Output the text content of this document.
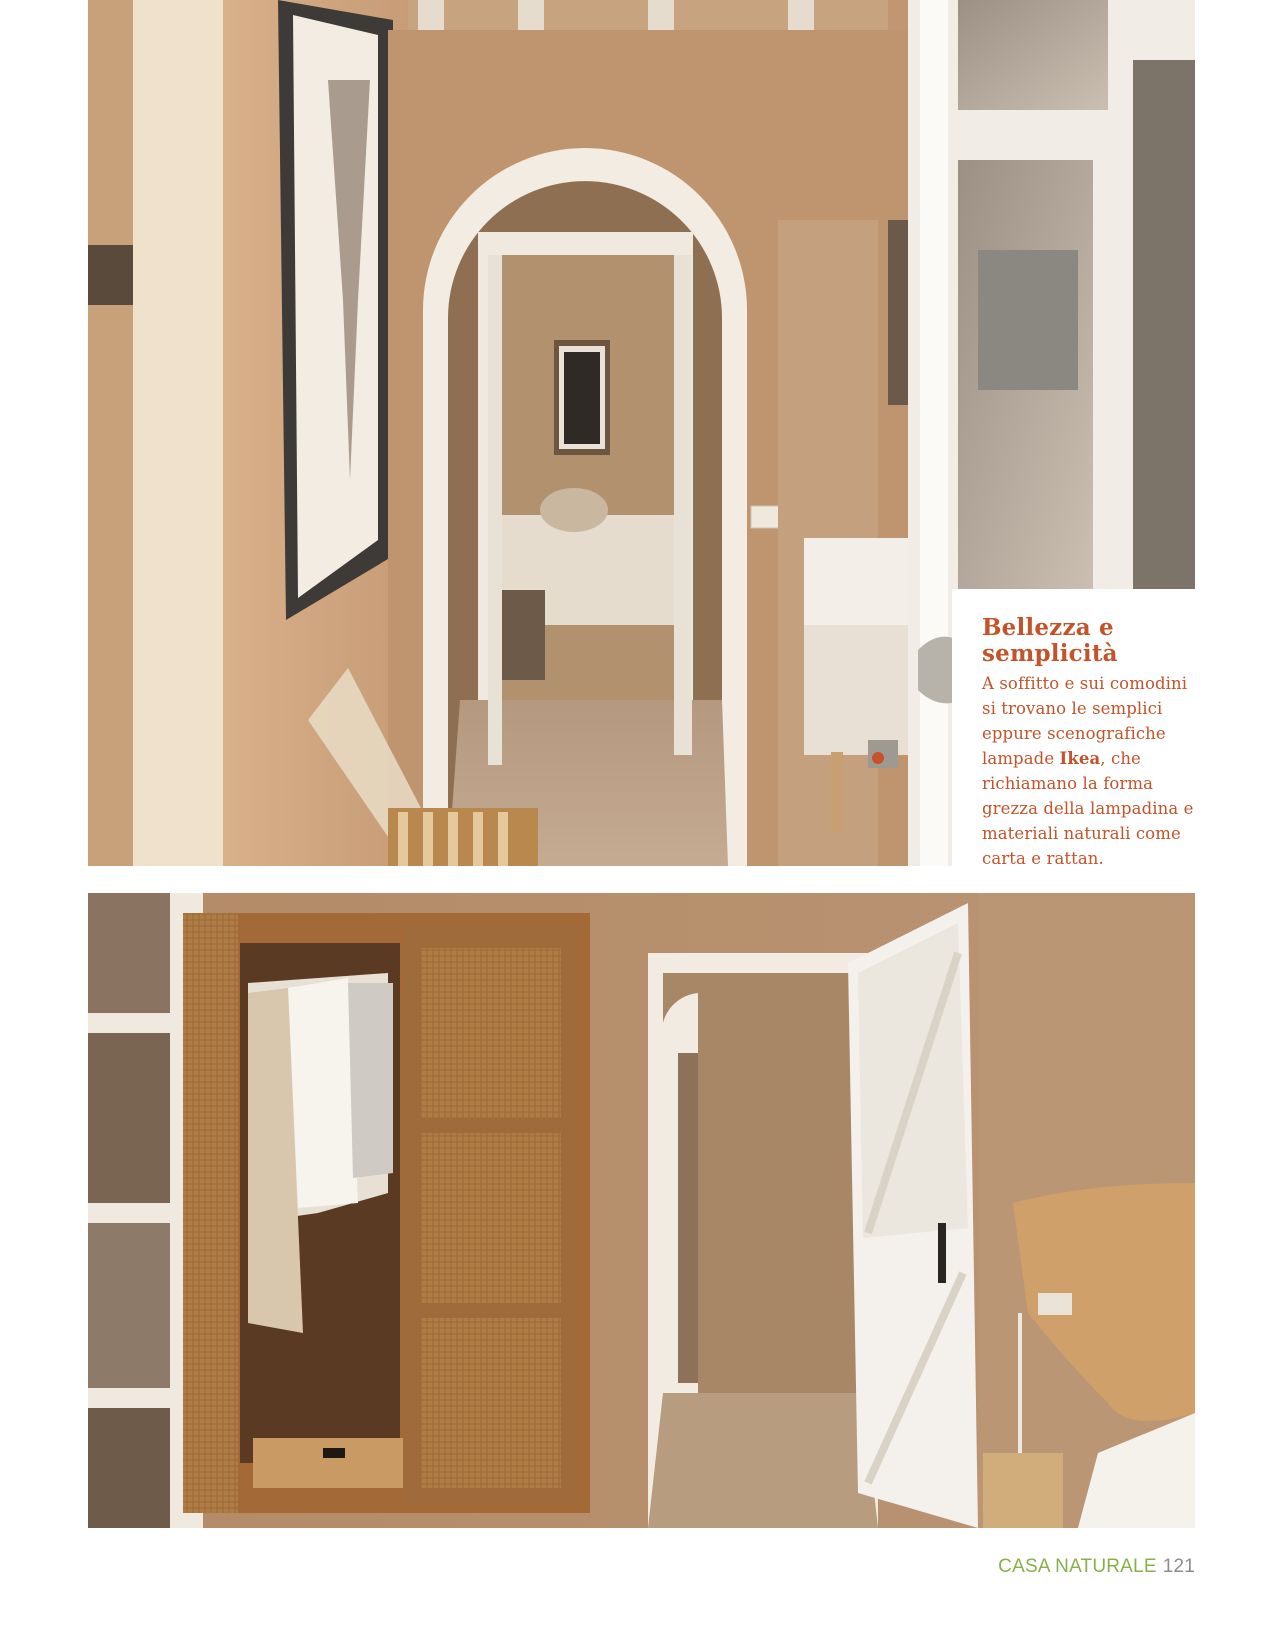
Bellezza e semplicità

A soffitto e sui comodini si trovano le semplici eppure scenografiche lampade Ikea, che richiamano la forma grezza della lampadina e materiali naturali come carta e rattan.

CASA NATURALE 121
